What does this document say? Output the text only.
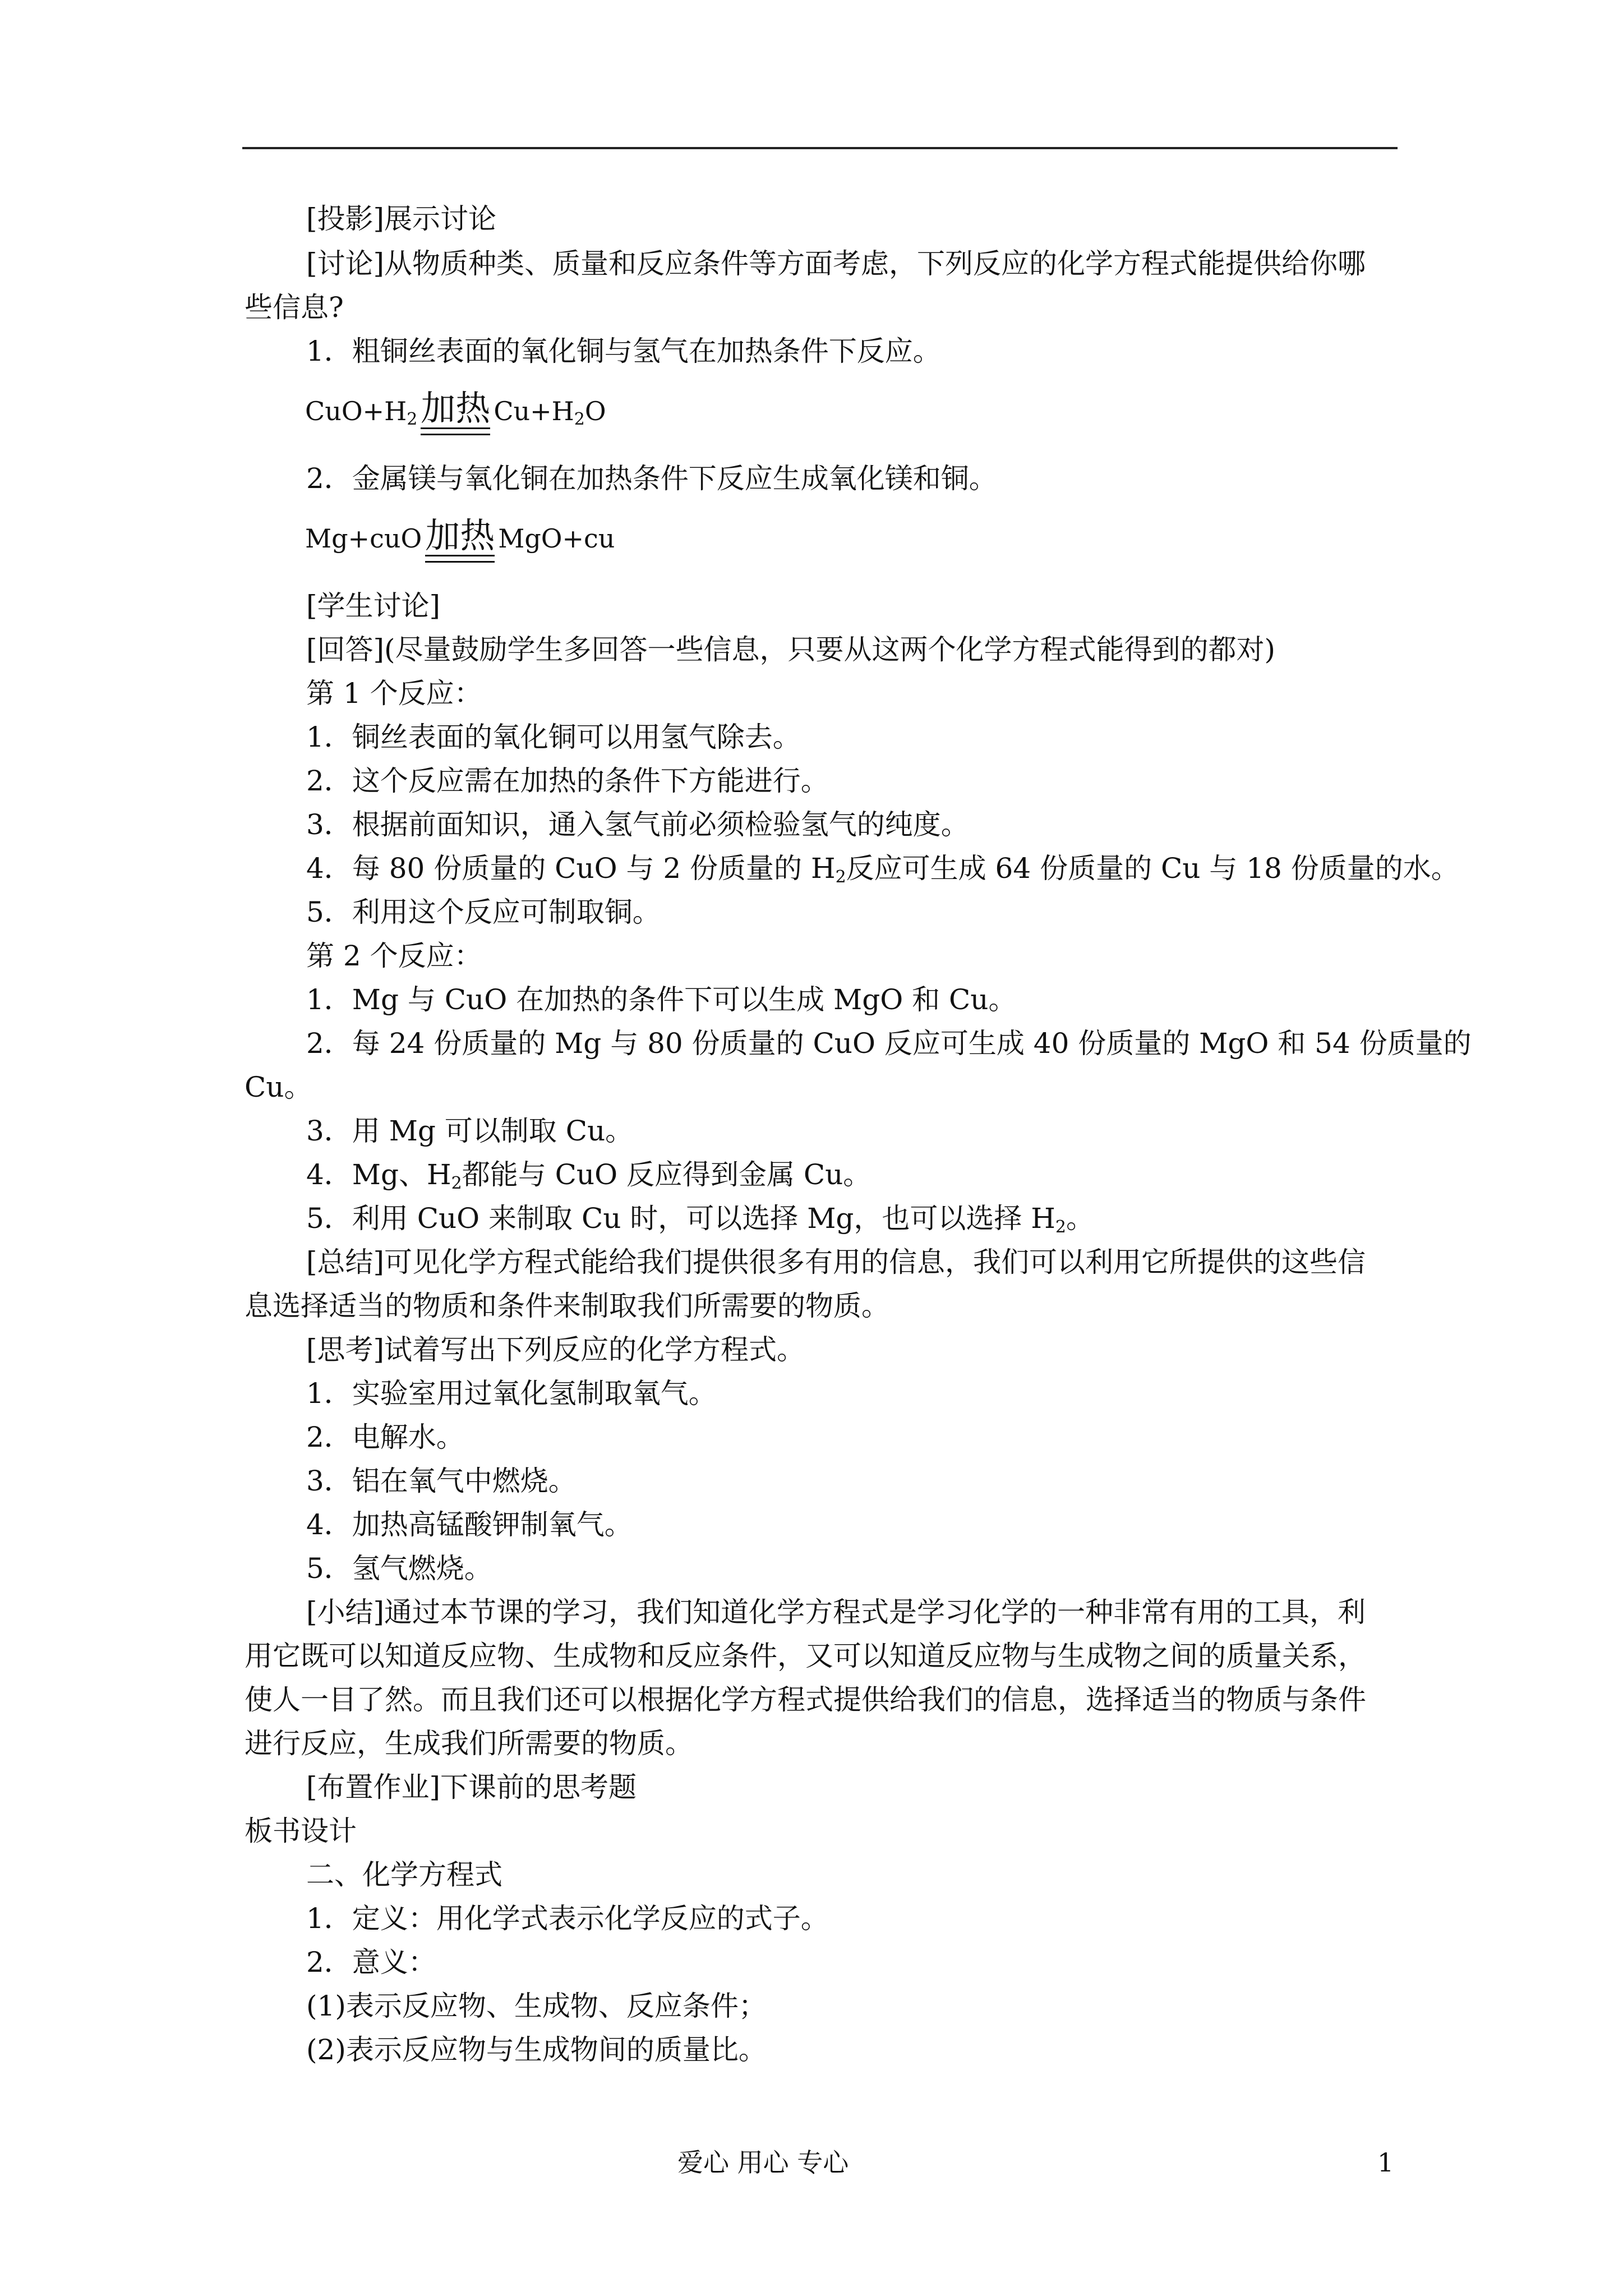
[投影]展示讨论
[讨论]从物质种类、质量和反应条件等方面考虑，下列反应的化学方程式能提供给你哪
些信息?
1．粗铜丝表面的氧化铜与氢气在加热条件下反应。
$CuO+H_2$加热 $Cu+H_2O$
2．金属镁与氧化铜在加热条件下反应生成氧化镁和铜。
Mg+cuO加热 MgO+cu
[学生讨论]
[回答](尽量鼓励学生多回答一些信息，只要从这两个化学方程式能得到的都对)
第 1 个反应：
1．铜丝表面的氧化铜可以用氢气除去。
2．这个反应需在加热的条件下方能进行。
3．根据前面知识，通入氢气前必须检验氢气的纯度。
4．每 80 份质量的 CuO 与 2 份质量的 $H_2$反应可生成 64 份质量的 Cu 与 18 份质量的水。
5．利用这个反应可制取铜。
第 2 个反应：
1．Mg 与 CuO 在加热的条件下可以生成 MgO 和 Cu。
2．每 24 份质量的 Mg 与 80 份质量的 CuO 反应可生成 40 份质量的 MgO 和 54 份质量的
Cu。
3．用 Mg 可以制取 Cu。
4．Mg、$H_2$都能与 CuO 反应得到金属 Cu。
5．利用 CuO 来制取 Cu 时，可以选择 Mg，也可以选择 $H_2$。
[总结]可见化学方程式能给我们提供很多有用的信息，我们可以利用它所提供的这些信
息选择适当的物质和条件来制取我们所需要的物质。
[思考]试着写出下列反应的化学方程式。
1．实验室用过氧化氢制取氧气。
2．电解水。
3．铝在氧气中燃烧。
4．加热高锰酸钾制氧气。
5．氢气燃烧。
[小结]通过本节课的学习，我们知道化学方程式是学习化学的一种非常有用的工具，利
用它既可以知道反应物、生成物和反应条件，又可以知道反应物与生成物之间的质量关系，
使人一目了然。而且我们还可以根据化学方程式提供给我们的信息，选择适当的物质与条件
进行反应，生成我们所需要的物质。
[布置作业]下课前的思考题
板书设计
二、化学方程式
1．定义：用化学式表示化学反应的式子。
2．意义：
(1)表示反应物、生成物、反应条件；
(2)表示反应物与生成物间的质量比。
爱心 用心 专心	1
